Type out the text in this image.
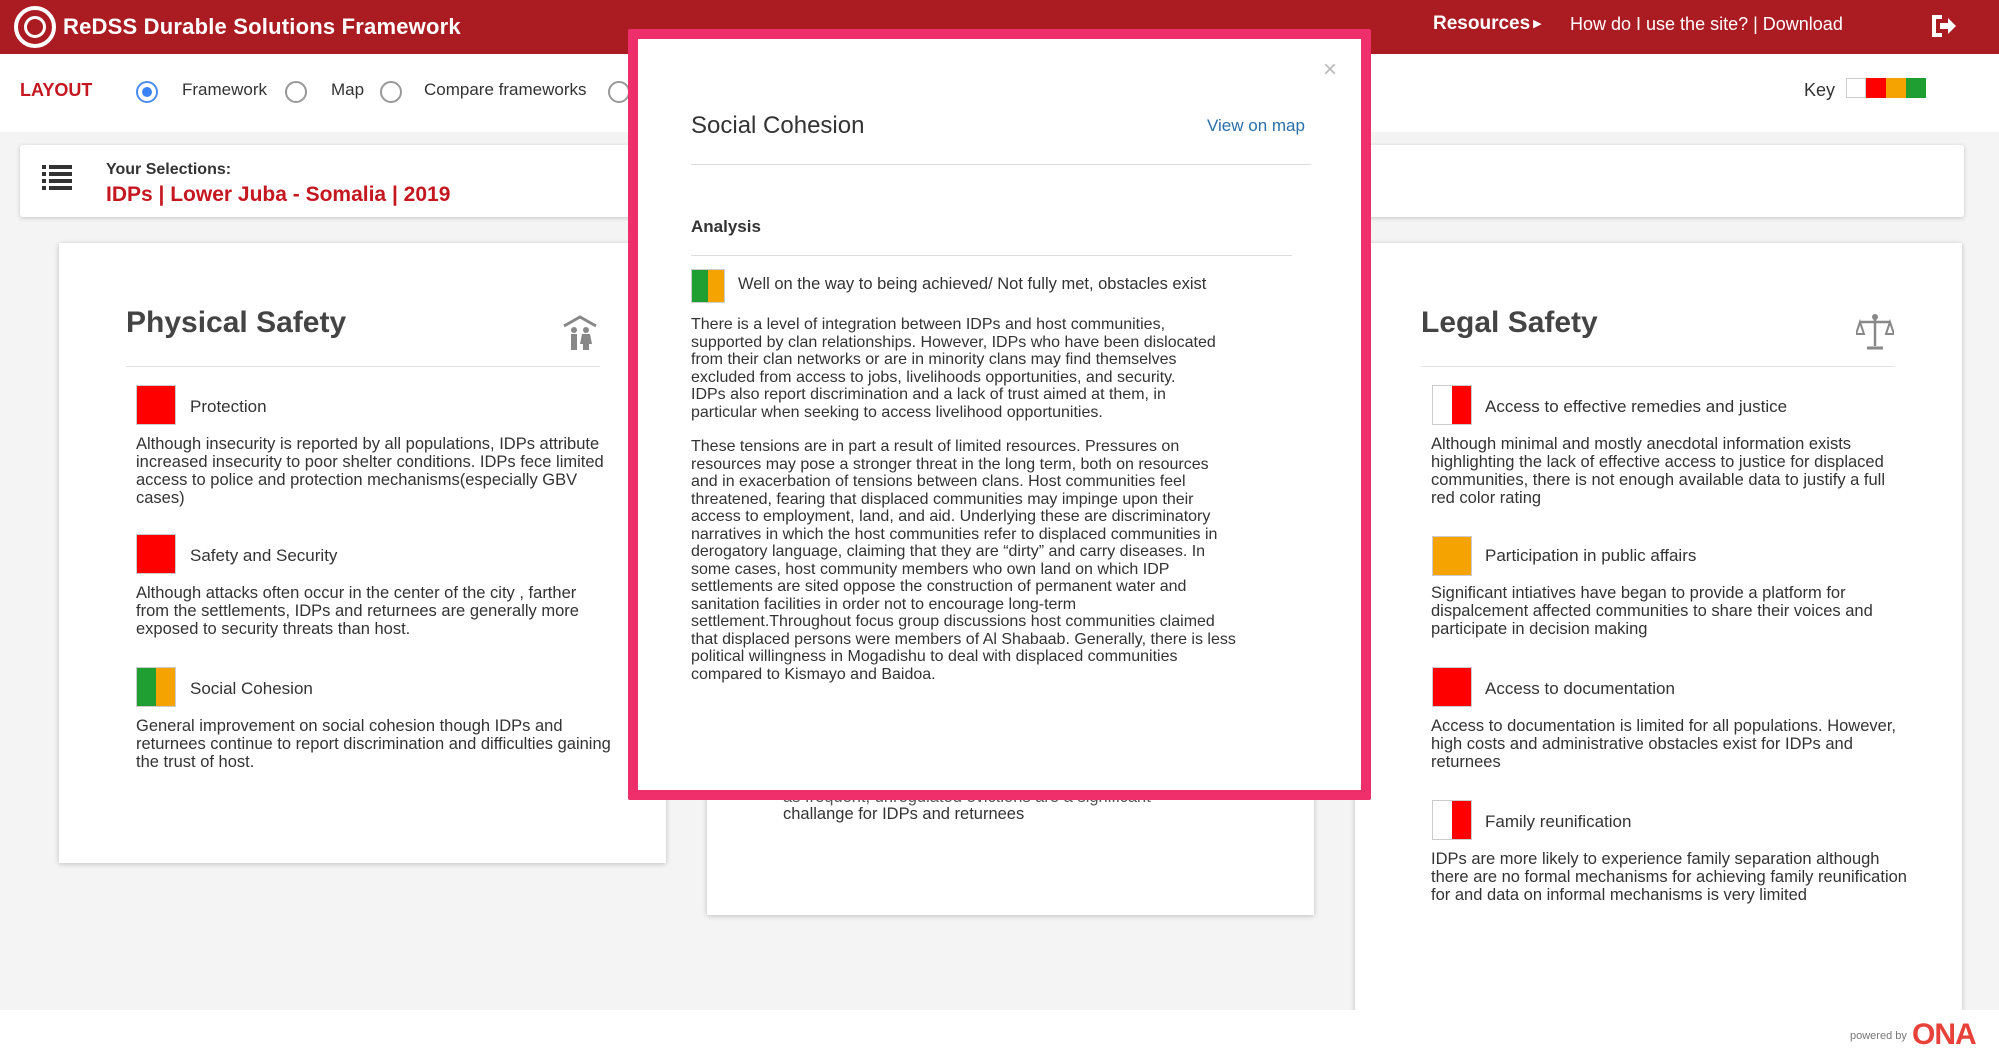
ReDSS Durable Solutions Framework	Resources ▶ How do I use the site? | Download
LAYOUT	Framework	Map	Compare frameworks	Key
Your Selections:
IDPs | Lower Juba - Somalia | 2019
Physical Safety
Protection
Although insecurity is reported by all populations, IDPs attribute increased insecurity to poor shelter conditions. IDPs fece limited access to police and protection mechanisms(especially GBV cases)
Safety and Security
Although attacks often occur in the center of the city , farther from the settlements, IDPs and returnees are generally more exposed to security threats than host.
Social Cohesion
General improvement on social cohesion though IDPs and returnees continue to report discrimination and difficulties gaining the trust of host.
challange for IDPs and returnees
Legal Safety
Access to effective remedies and justice
Although minimal and mostly anecdotal information exists highlighting the lack of effective access to justice for displaced communities, there is not enough available data to justify a full red color rating
Participation in public affairs
Significant intiatives have began to provide a platform for dispalcement affected communities to share their voices and participate in decision making
Access to documentation
Access to documentation is limited for all populations. However, high costs and administrative obstacles exist for IDPs and returnees
Family reunification
IDPs are more likely to experience family separation although there are no formal mechanisms for achieving family reunification for and data on informal mechanisms is very limited
powered by ONA
×
Social Cohesion	View on map
Analysis
Well on the way to being achieved/ Not fully met, obstacles exist
There is a level of integration between IDPs and host communities,
supported by clan relationships. However, IDPs who have been dislocated
from their clan networks or are in minority clans may find themselves
excluded from access to jobs, livelihoods opportunities, and security.
IDPs also report discrimination and a lack of trust aimed at them, in
particular when seeking to access livelihood opportunities.
These tensions are in part a result of limited resources. Pressures on
resources may pose a stronger threat in the long term, both on resources
and in exacerbation of tensions between clans. Host communities feel
threatened, fearing that displaced communities may impinge upon their
access to employment, land, and aid. Underlying these are discriminatory
narratives in which the host communities refer to displaced communities in
derogatory language, claiming that they are “dirty” and carry diseases. In
some cases, host community members who own land on which IDP
settlements are sited oppose the construction of permanent water and
sanitation facilities in order not to encourage long-term
settlement.Throughout focus group discussions host communities claimed
that displaced persons were members of Al Shabaab. Generally, there is less
political willingness in Mogadishu to deal with displaced communities
compared to Kismayo and Baidoa.
